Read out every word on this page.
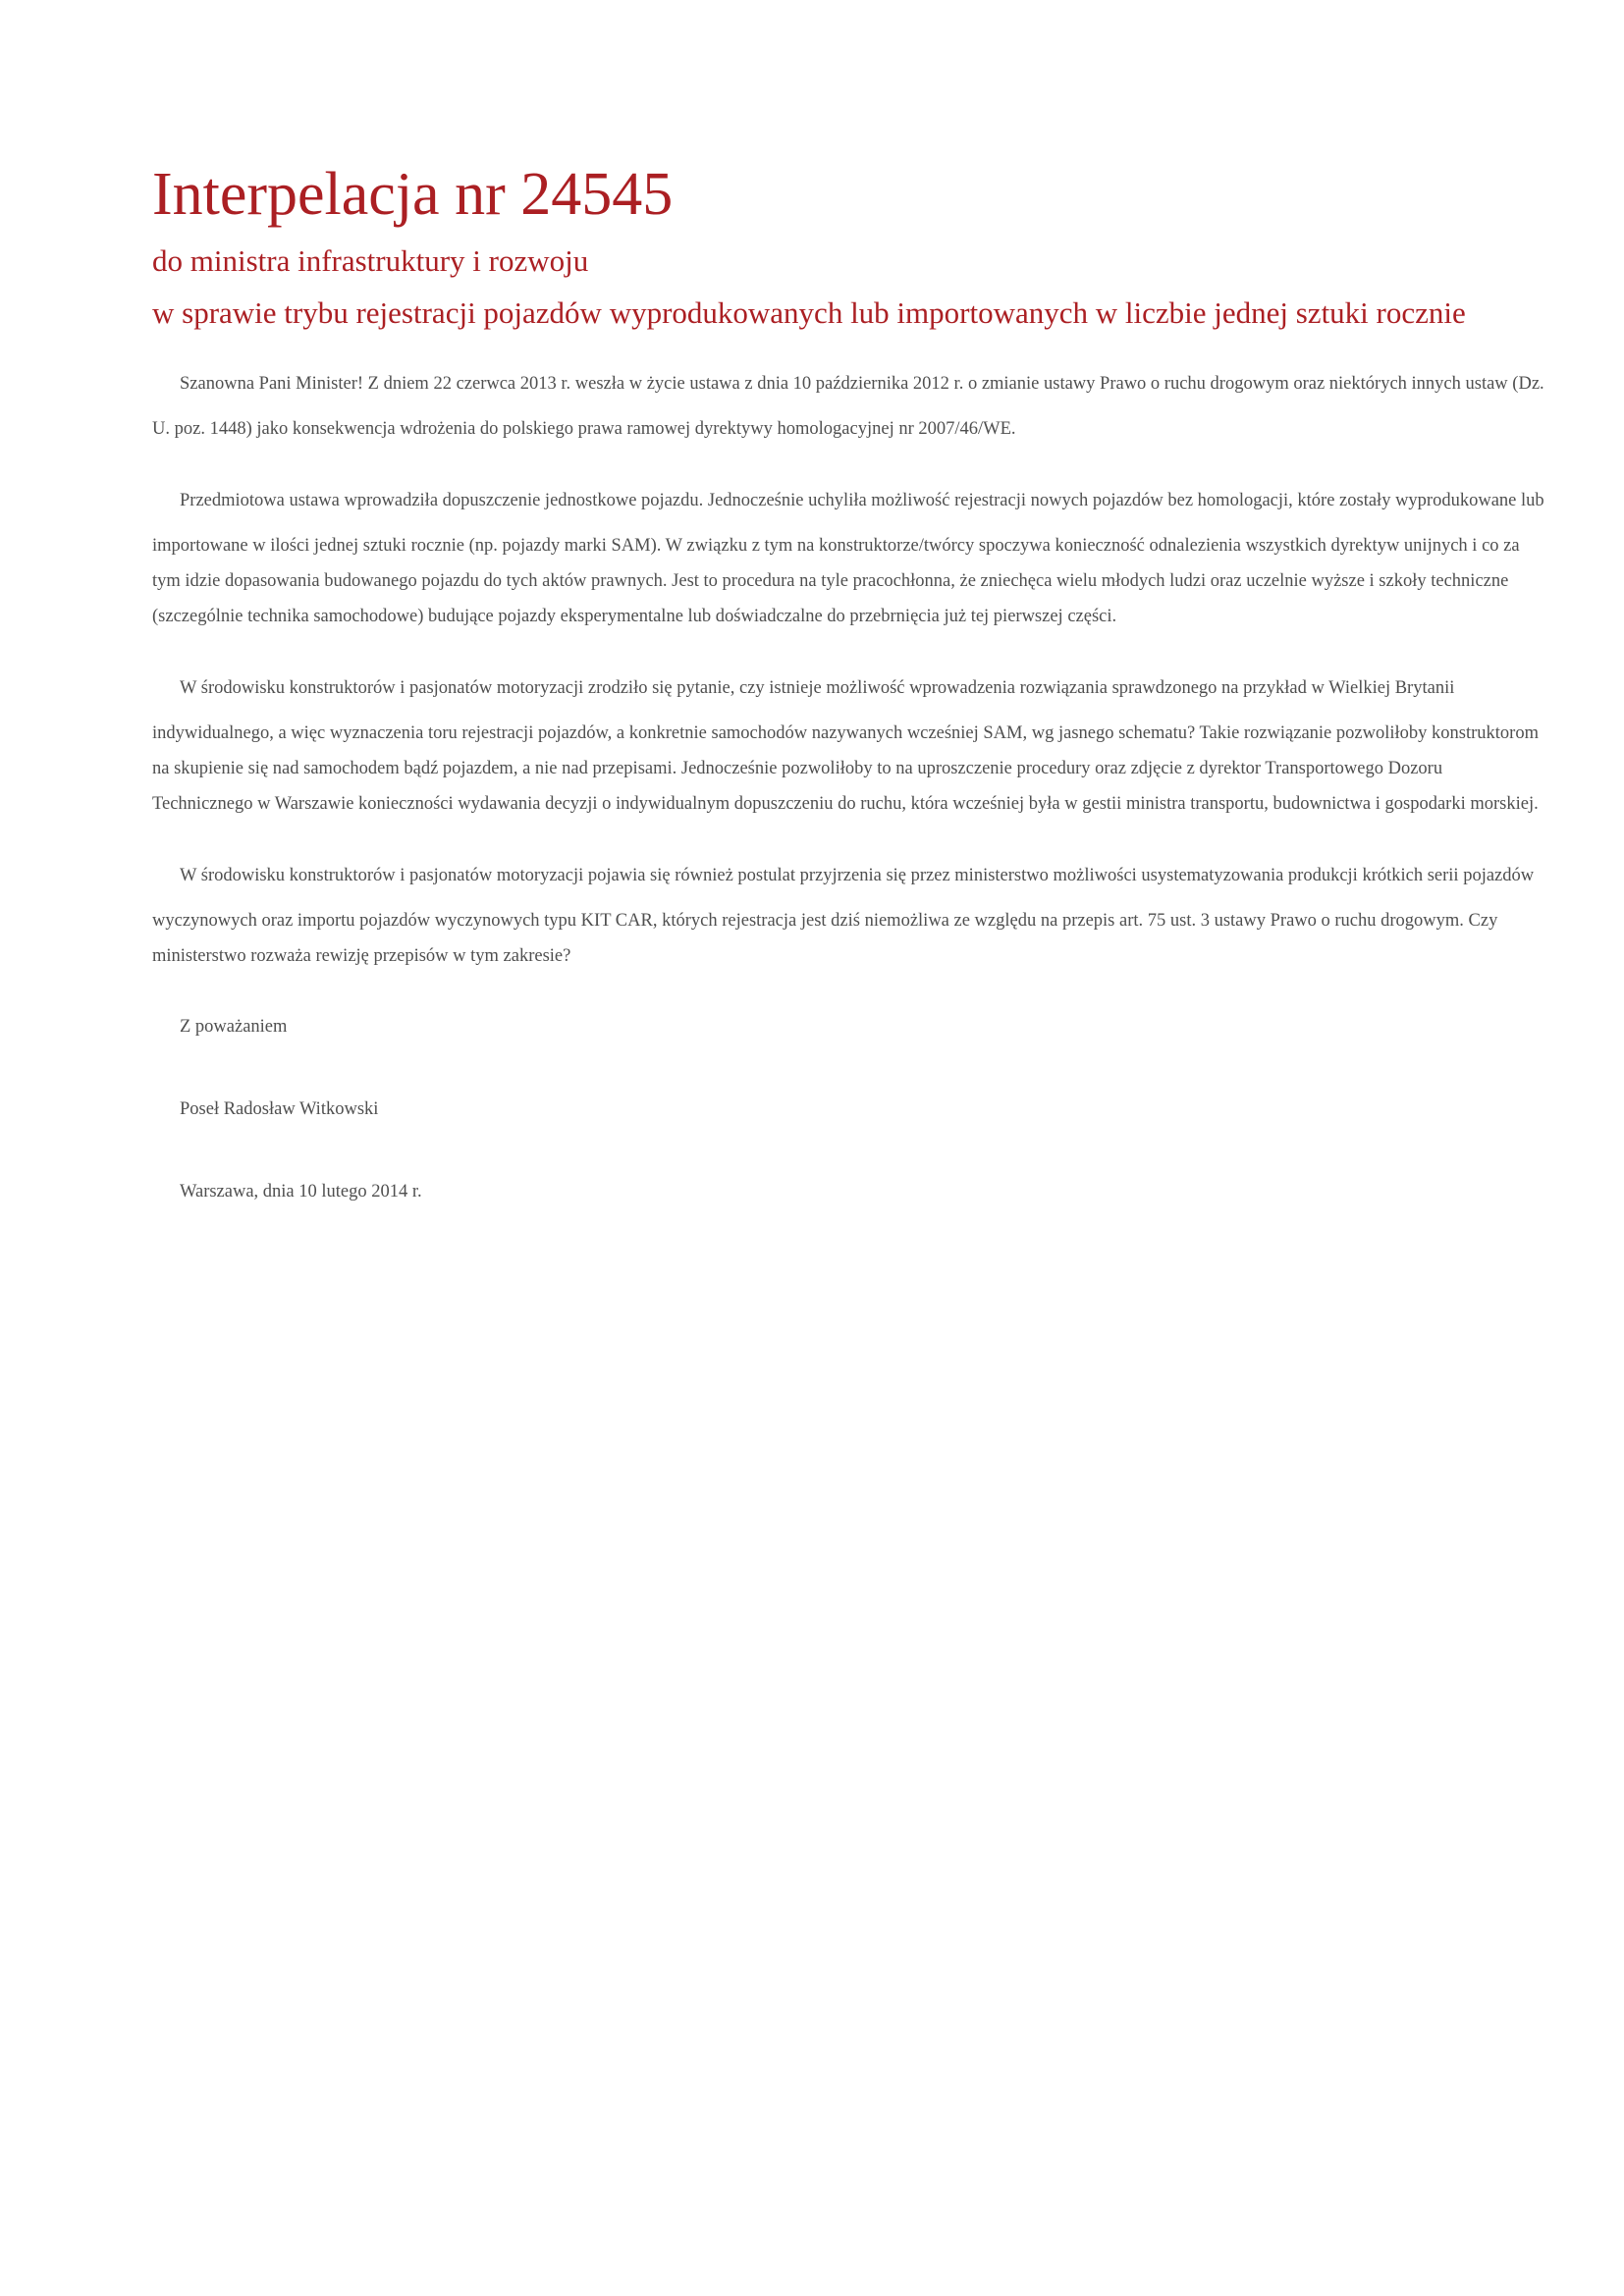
Interpelacja nr 24545
do ministra infrastruktury i rozwoju
w sprawie trybu rejestracji pojazdów wyprodukowanych lub importowanych w liczbie jednej sztuki rocznie

Szanowna Pani Minister! Z dniem 22 czerwca 2013 r. weszła w życie ustawa z dnia 10 października 2012 r. o zmianie ustawy Prawo o ruchu drogowym oraz niektórych innych ustaw (Dz. U. poz. 1448) jako konsekwencja wdrożenia do polskiego prawa ramowej dyrektywy homologacyjnej nr 2007/46/WE.

Przedmiotowa ustawa wprowadziła dopuszczenie jednostkowe pojazdu. Jednocześnie uchyliła możliwość rejestracji nowych pojazdów bez homologacji, które zostały wyprodukowane lub importowane w ilości jednej sztuki rocznie (np. pojazdy marki SAM). W związku z tym na konstruktorze/twórcy spoczywa konieczność odnalezienia wszystkich dyrektyw unijnych i co za tym idzie dopasowania budowanego pojazdu do tych aktów prawnych. Jest to procedura na tyle pracochłonna, że zniechęca wielu młodych ludzi oraz uczelnie wyższe i szkoły techniczne (szczególnie technika samochodowe) budujące pojazdy eksperymentalne lub doświadczalne do przebrnięcia już tej pierwszej części.

W środowisku konstruktorów i pasjonatów motoryzacji zrodziło się pytanie, czy istnieje możliwość wprowadzenia rozwiązania sprawdzonego na przykład w Wielkiej Brytanii indywidualnego, a więc wyznaczenia toru rejestracji pojazdów, a konkretnie samochodów nazywanych wcześniej SAM, wg jasnego schematu? Takie rozwiązanie pozwoliłoby konstruktorom na skupienie się nad samochodem bądź pojazdem, a nie nad przepisami. Jednocześnie pozwoliłoby to na uproszczenie procedury oraz zdjęcie z dyrektor Transportowego Dozoru Technicznego w Warszawie konieczności wydawania decyzji o indywidualnym dopuszczeniu do ruchu, która wcześniej była w gestii ministra transportu, budownictwa i gospodarki morskiej.

W środowisku konstruktorów i pasjonatów motoryzacji pojawia się również postulat przyjrzenia się przez ministerstwo możliwości usystematyzowania produkcji krótkich serii pojazdów wyczynowych oraz importu pojazdów wyczynowych typu KIT CAR, których rejestracja jest dziś niemożliwa ze względu na przepis art. 75 ust. 3 ustawy Prawo o ruchu drogowym. Czy ministerstwo rozważa rewizję przepisów w tym zakresie?

Z poważaniem

Poseł Radosław Witkowski

Warszawa, dnia 10 lutego 2014 r.
